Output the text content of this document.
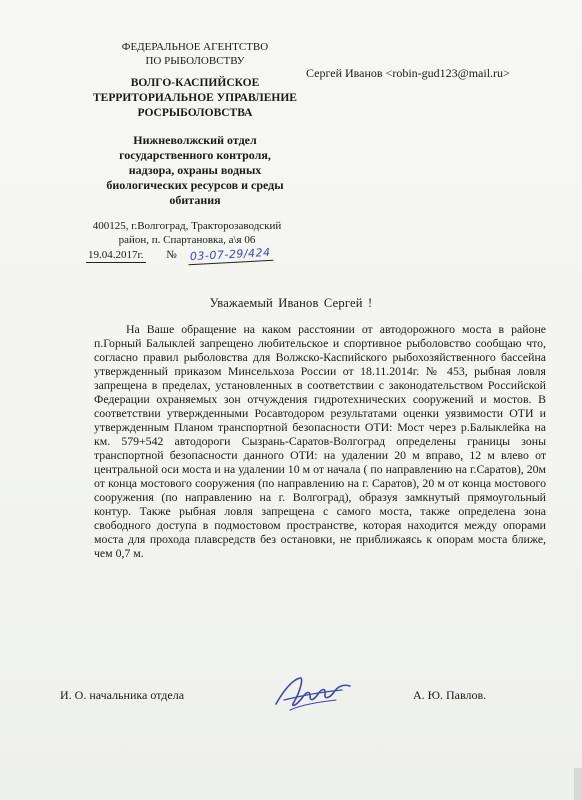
ФЕДЕРАЛЬНОЕ АГЕНТСТВО
ПО РЫБОЛОВСТВУ
ВОЛГО-КАСПИЙСКОЕ
ТЕРРИТОРИАЛЬНОЕ УПРАВЛЕНИЕ
РОСРЫБОЛОВСТВА
Нижневолжский отдел
государственного контроля,
надзора, охраны водных
биологических ресурсов и среды
обитания
400125, г.Волгоград, Тракторозаводский
район, п. Спартановка, а\я 06
19.04.2017г. № 03-07-29/424
Сергей Иванов <robin-gud123@mail.ru>
Уважаемый Иванов Сергей !

На Ваше обращение на каком расстоянии от автодорожного моста в районе п.Горный Балыклей запрещено любительское и спортивное рыболовство сообщаю что, согласно правил рыболовства для Волжско-Каспийского рыбохозяйственного бассейна утвержденный приказом Минсельхоза России от 18.11.2014г. № 453, рыбная ловля запрещена в пределах, установленных в соответствии с законодательством Российской Федерации охраняемых зон отчуждения гидротехнических сооружений и мостов. В соответствии утвержденными Росавтодором результатами оценки уязвимости ОТИ и утвержденным Планом транспортной безопасности ОТИ: Мост через р.Балыклейка на км. 579+542 автодороги Сызрань-Саратов-Волгоград определены границы зоны транспортной безопасности данного ОТИ: на удалении 20 м вправо, 12 м влево от центральной оси моста и на удалении 10 м от начала ( по направлению на г.Саратов), 20м от конца мостового сооружения (по направлению на г. Саратов), 20 м от конца мостового сооружения (по направлению на г. Волгоград), образуя замкнутый прямоугольный контур. Также рыбная ловля запрещена с самого моста, также определена зона свободного доступа в подмостовом пространстве, которая находится между опорами моста для прохода плавсредств без остановки, не приближаясь к опорам моста ближе, чем 0,7 м.

И. О. начальника отдела	А. Ю. Павлов.
